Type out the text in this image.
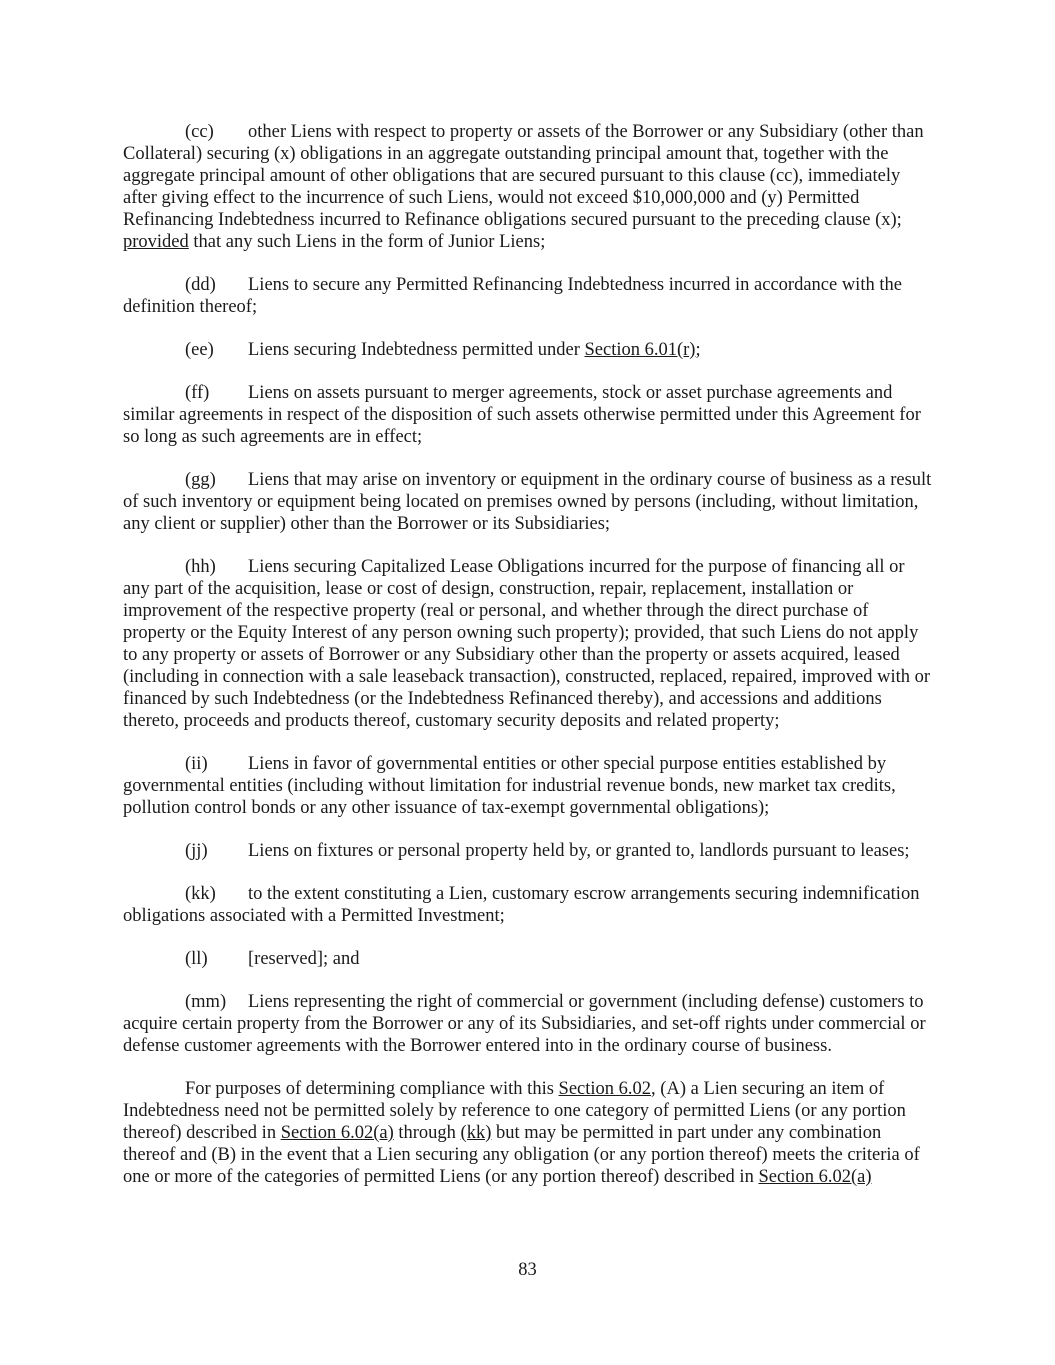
(cc) other Liens with respect to property or assets of the Borrower or any Subsidiary (other than Collateral) securing (x) obligations in an aggregate outstanding principal amount that, together with the aggregate principal amount of other obligations that are secured pursuant to this clause (cc), immediately after giving effect to the incurrence of such Liens, would not exceed $10,000,000 and (y) Permitted Refinancing Indebtedness incurred to Refinance obligations secured pursuant to the preceding clause (x); provided that any such Liens in the form of Junior Liens;

(dd) Liens to secure any Permitted Refinancing Indebtedness incurred in accordance with the definition thereof;

(ee) Liens securing Indebtedness permitted under Section 6.01(r);

(ff) Liens on assets pursuant to merger agreements, stock or asset purchase agreements and similar agreements in respect of the disposition of such assets otherwise permitted under this Agreement for so long as such agreements are in effect;

(gg) Liens that may arise on inventory or equipment in the ordinary course of business as a result of such inventory or equipment being located on premises owned by persons (including, without limitation, any client or supplier) other than the Borrower or its Subsidiaries;

(hh) Liens securing Capitalized Lease Obligations incurred for the purpose of financing all or any part of the acquisition, lease or cost of design, construction, repair, replacement, installation or improvement of the respective property (real or personal, and whether through the direct purchase of property or the Equity Interest of any person owning such property); provided, that such Liens do not apply to any property or assets of Borrower or any Subsidiary other than the property or assets acquired, leased (including in connection with a sale leaseback transaction), constructed, replaced, repaired, improved with or financed by such Indebtedness (or the Indebtedness Refinanced thereby), and accessions and additions thereto, proceeds and products thereof, customary security deposits and related property;

(ii) Liens in favor of governmental entities or other special purpose entities established by governmental entities (including without limitation for industrial revenue bonds, new market tax credits, pollution control bonds or any other issuance of tax-exempt governmental obligations);

(jj) Liens on fixtures or personal property held by, or granted to, landlords pursuant to leases;

(kk) to the extent constituting a Lien, customary escrow arrangements securing indemnification obligations associated with a Permitted Investment;

(ll) [reserved]; and

(mm) Liens representing the right of commercial or government (including defense) customers to acquire certain property from the Borrower or any of its Subsidiaries, and set-off rights under commercial or defense customer agreements with the Borrower entered into in the ordinary course of business.

For purposes of determining compliance with this Section 6.02, (A) a Lien securing an item of Indebtedness need not be permitted solely by reference to one category of permitted Liens (or any portion thereof) described in Section 6.02(a) through (kk) but may be permitted in part under any combination thereof and (B) in the event that a Lien securing any obligation (or any portion thereof) meets the criteria of one or more of the categories of permitted Liens (or any portion thereof) described in Section 6.02(a)

83
